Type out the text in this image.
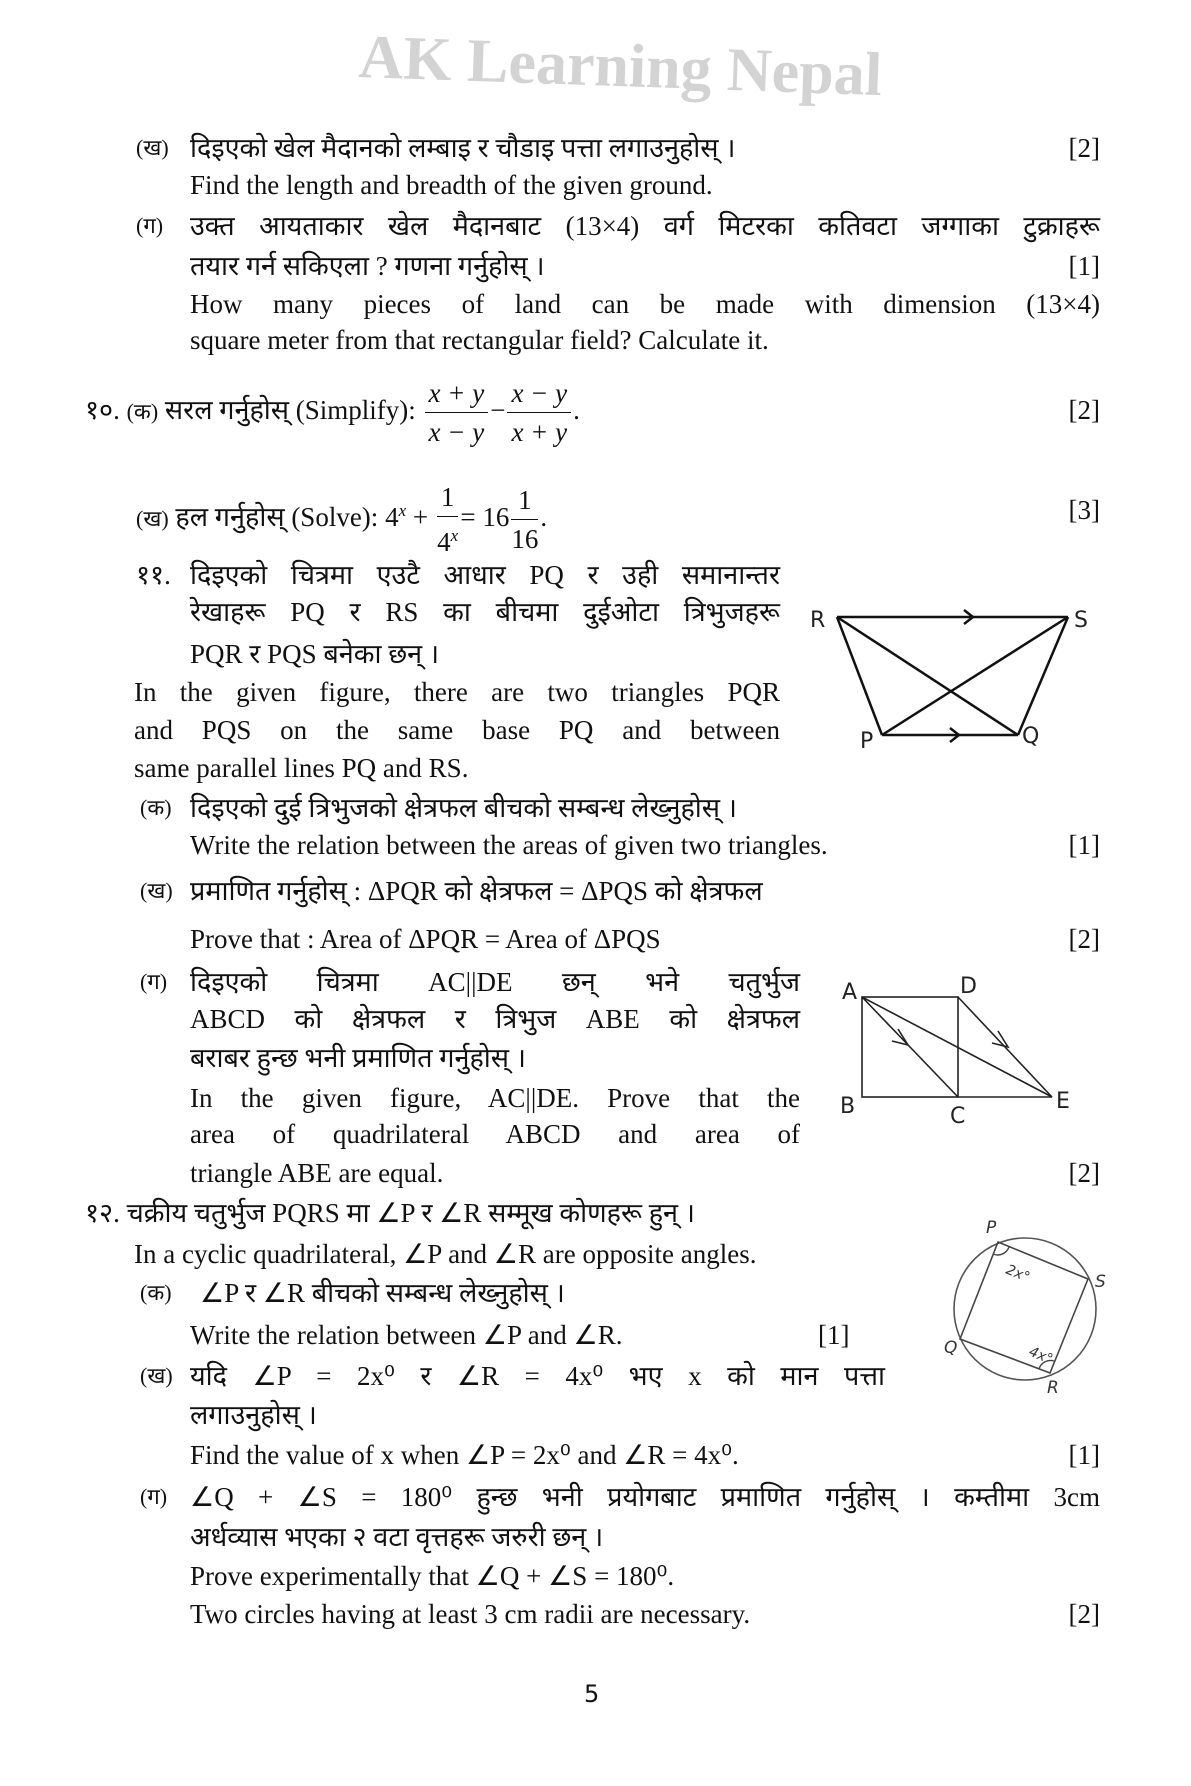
AK Learning Nepal
(ख) दिइएको खेल मैदानको लम्बाइ र चौडाइ पत्ता लगाउनुहोस् ।	[2]
Find the length and breadth of the given ground.
(ग) उक्त आयताकार खेल मैदानबाट (13×4) वर्ग मिटरका कतिवटा जग्गाका टुक्राहरू
तयार गर्न सकिएला ? गणना गर्नुहोस् ।	[1]
How many pieces of land can be made with dimension (13×4)
square meter from that rectangular field? Calculate it.
१०. (क) सरल गर्नुहोस् (Simplify): $\frac{x + y}{x - y} - \frac{x - y}{x + y}$ .	[2]
(ख) हल गर्नुहोस् (Solve): $4^x + \frac{1}{4^x} = 16 \frac{1}{16}$ .	[3]
११. दिइएको चित्रमा एउटै आधार PQ र उही समानान्तर
रेखाहरू PQ र RS का बीचमा दुईओटा त्रिभुजहरू
PQR र PQS बनेका छन् ।
In the given figure, there are two triangles PQR
and PQS on the same base PQ and between
same parallel lines PQ and RS.
R	S
P	Q
(क) दिइएको दुई त्रिभुजको क्षेत्रफल बीचको सम्बन्ध लेख्नुहोस् ।
Write the relation between the areas of given two triangles.	[1]
(ख) प्रमाणित गर्नुहोस् : ΔPQR को क्षेत्रफल = ΔPQS को क्षेत्रफल
Prove that : Area of ΔPQR = Area of ΔPQS	[2]
(ग) दिइएको चित्रमा AC||DE छन् भने चतुर्भुज
ABCD को क्षेत्रफल र त्रिभुज ABE को क्षेत्रफल
बराबर हुन्छ भनी प्रमाणित गर्नुहोस् ।
In the given figure, AC||DE. Prove that the
area of quadrilateral ABCD and area of
triangle ABE are equal.	[2]
A	D
B	C
E
१२. चक्रीय चतुर्भुज PQRS मा ∠P र ∠R सम्मूख कोणहरू हुन् ।
In a cyclic quadrilateral, ∠P and ∠R are opposite angles.
(क) ∠P र ∠R बीचको सम्बन्ध लेख्नुहोस् ।
Write the relation between ∠P and ∠R.	[1]
(ख) यदि ∠P = 2x⁰ र ∠R = 4x⁰ भए x को मान पत्ता
लगाउनुहोस् ।
Find the value of x when ∠P = 2x⁰ and ∠R = 4x⁰.	[1]
(ग) ∠Q + ∠S = 180⁰ हुन्छ भनी प्रयोगबाट प्रमाणित गर्नुहोस् । कम्तीमा 3cm
अर्धव्यास भएका २ वटा वृत्तहरू जरुरी छन् ।
Prove experimentally that ∠Q + ∠S = 180⁰.
Two circles having at least 3 cm radii are necessary.	[2]
P
S
Q
R
2x°
4x°
5
